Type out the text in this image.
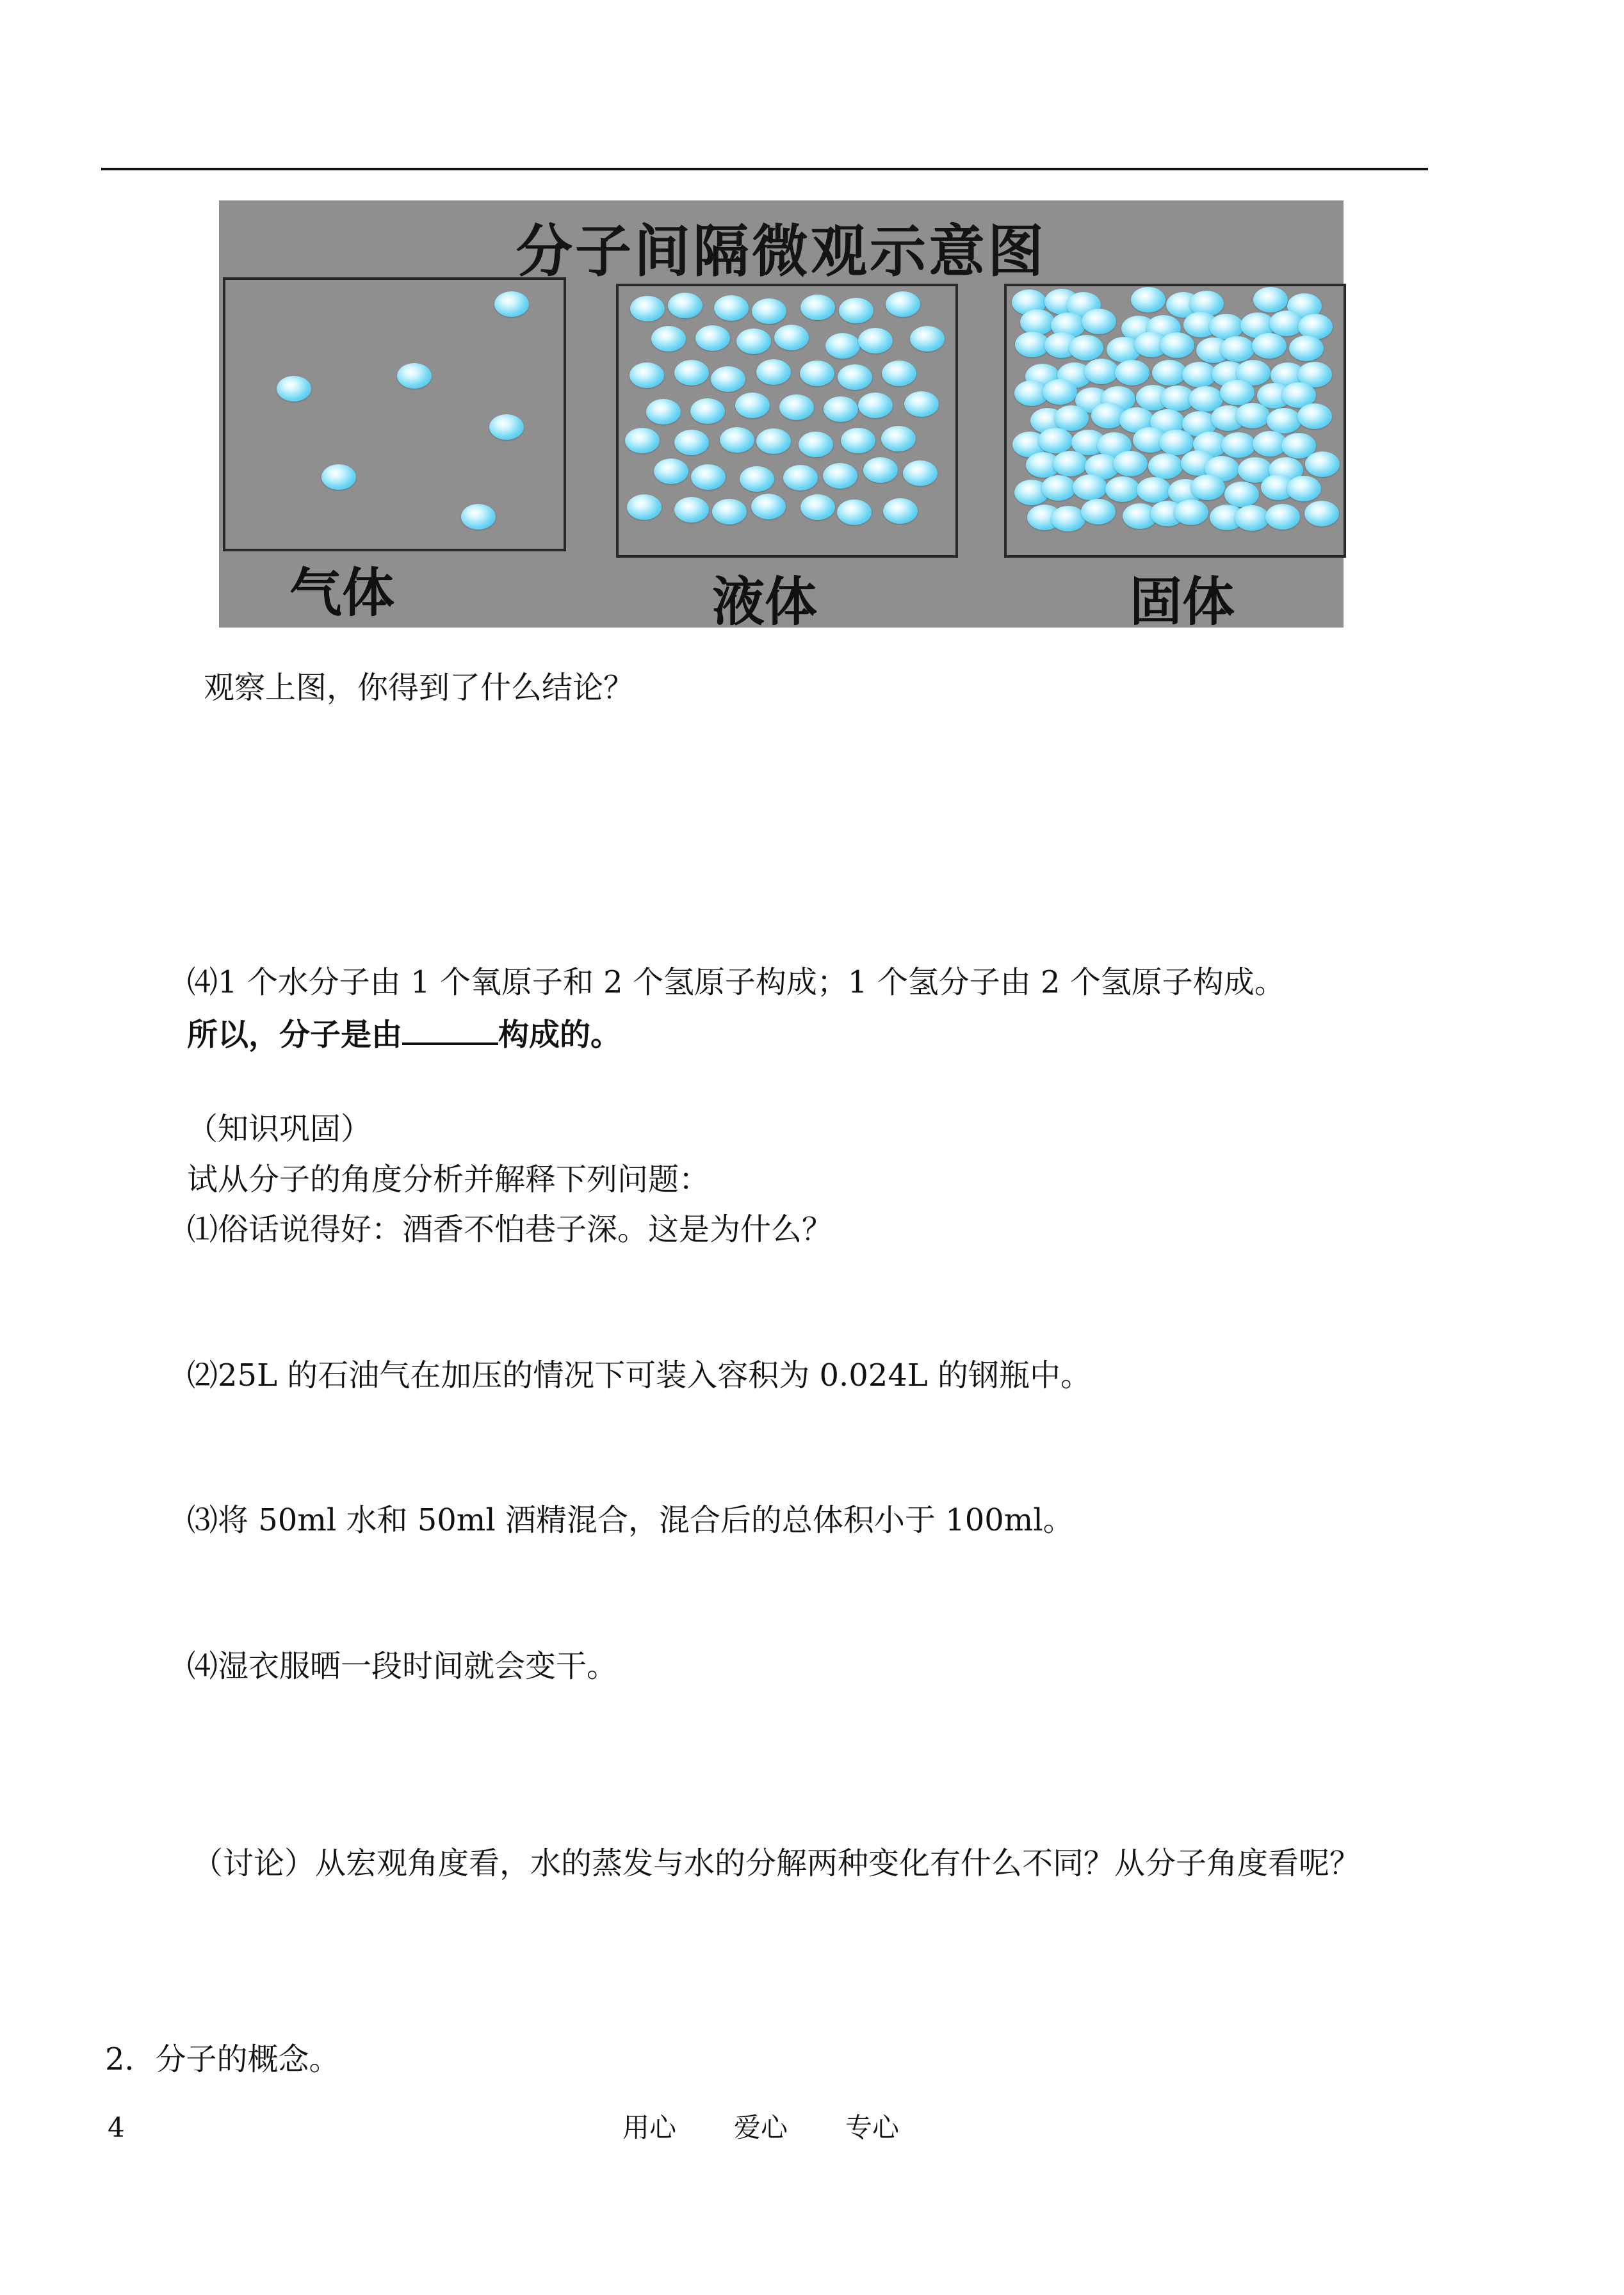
分子间隔微观示意图
气体	液体	固体
观察上图，你得到了什么结论？
⑷1 个水分子由 1 个氧原子和 2 个氢原子构成；1 个氢分子由 2 个氢原子构成。
所以，分子是由	构成的。
（知识巩固）
试从分子的角度分析并解释下列问题：
⑴俗话说得好：酒香不怕巷子深。这是为什么？
⑵25L 的石油气在加压的情况下可装入容积为 0.024L 的钢瓶中。
⑶将 50ml 水和 50ml 酒精混合，混合后的总体积小于 100ml。
⑷湿衣服晒一段时间就会变干。
（讨论）从宏观角度看，水的蒸发与水的分解两种变化有什么不同？从分子角度看呢？
2．分子的概念。
4	用心 爱心 专心
